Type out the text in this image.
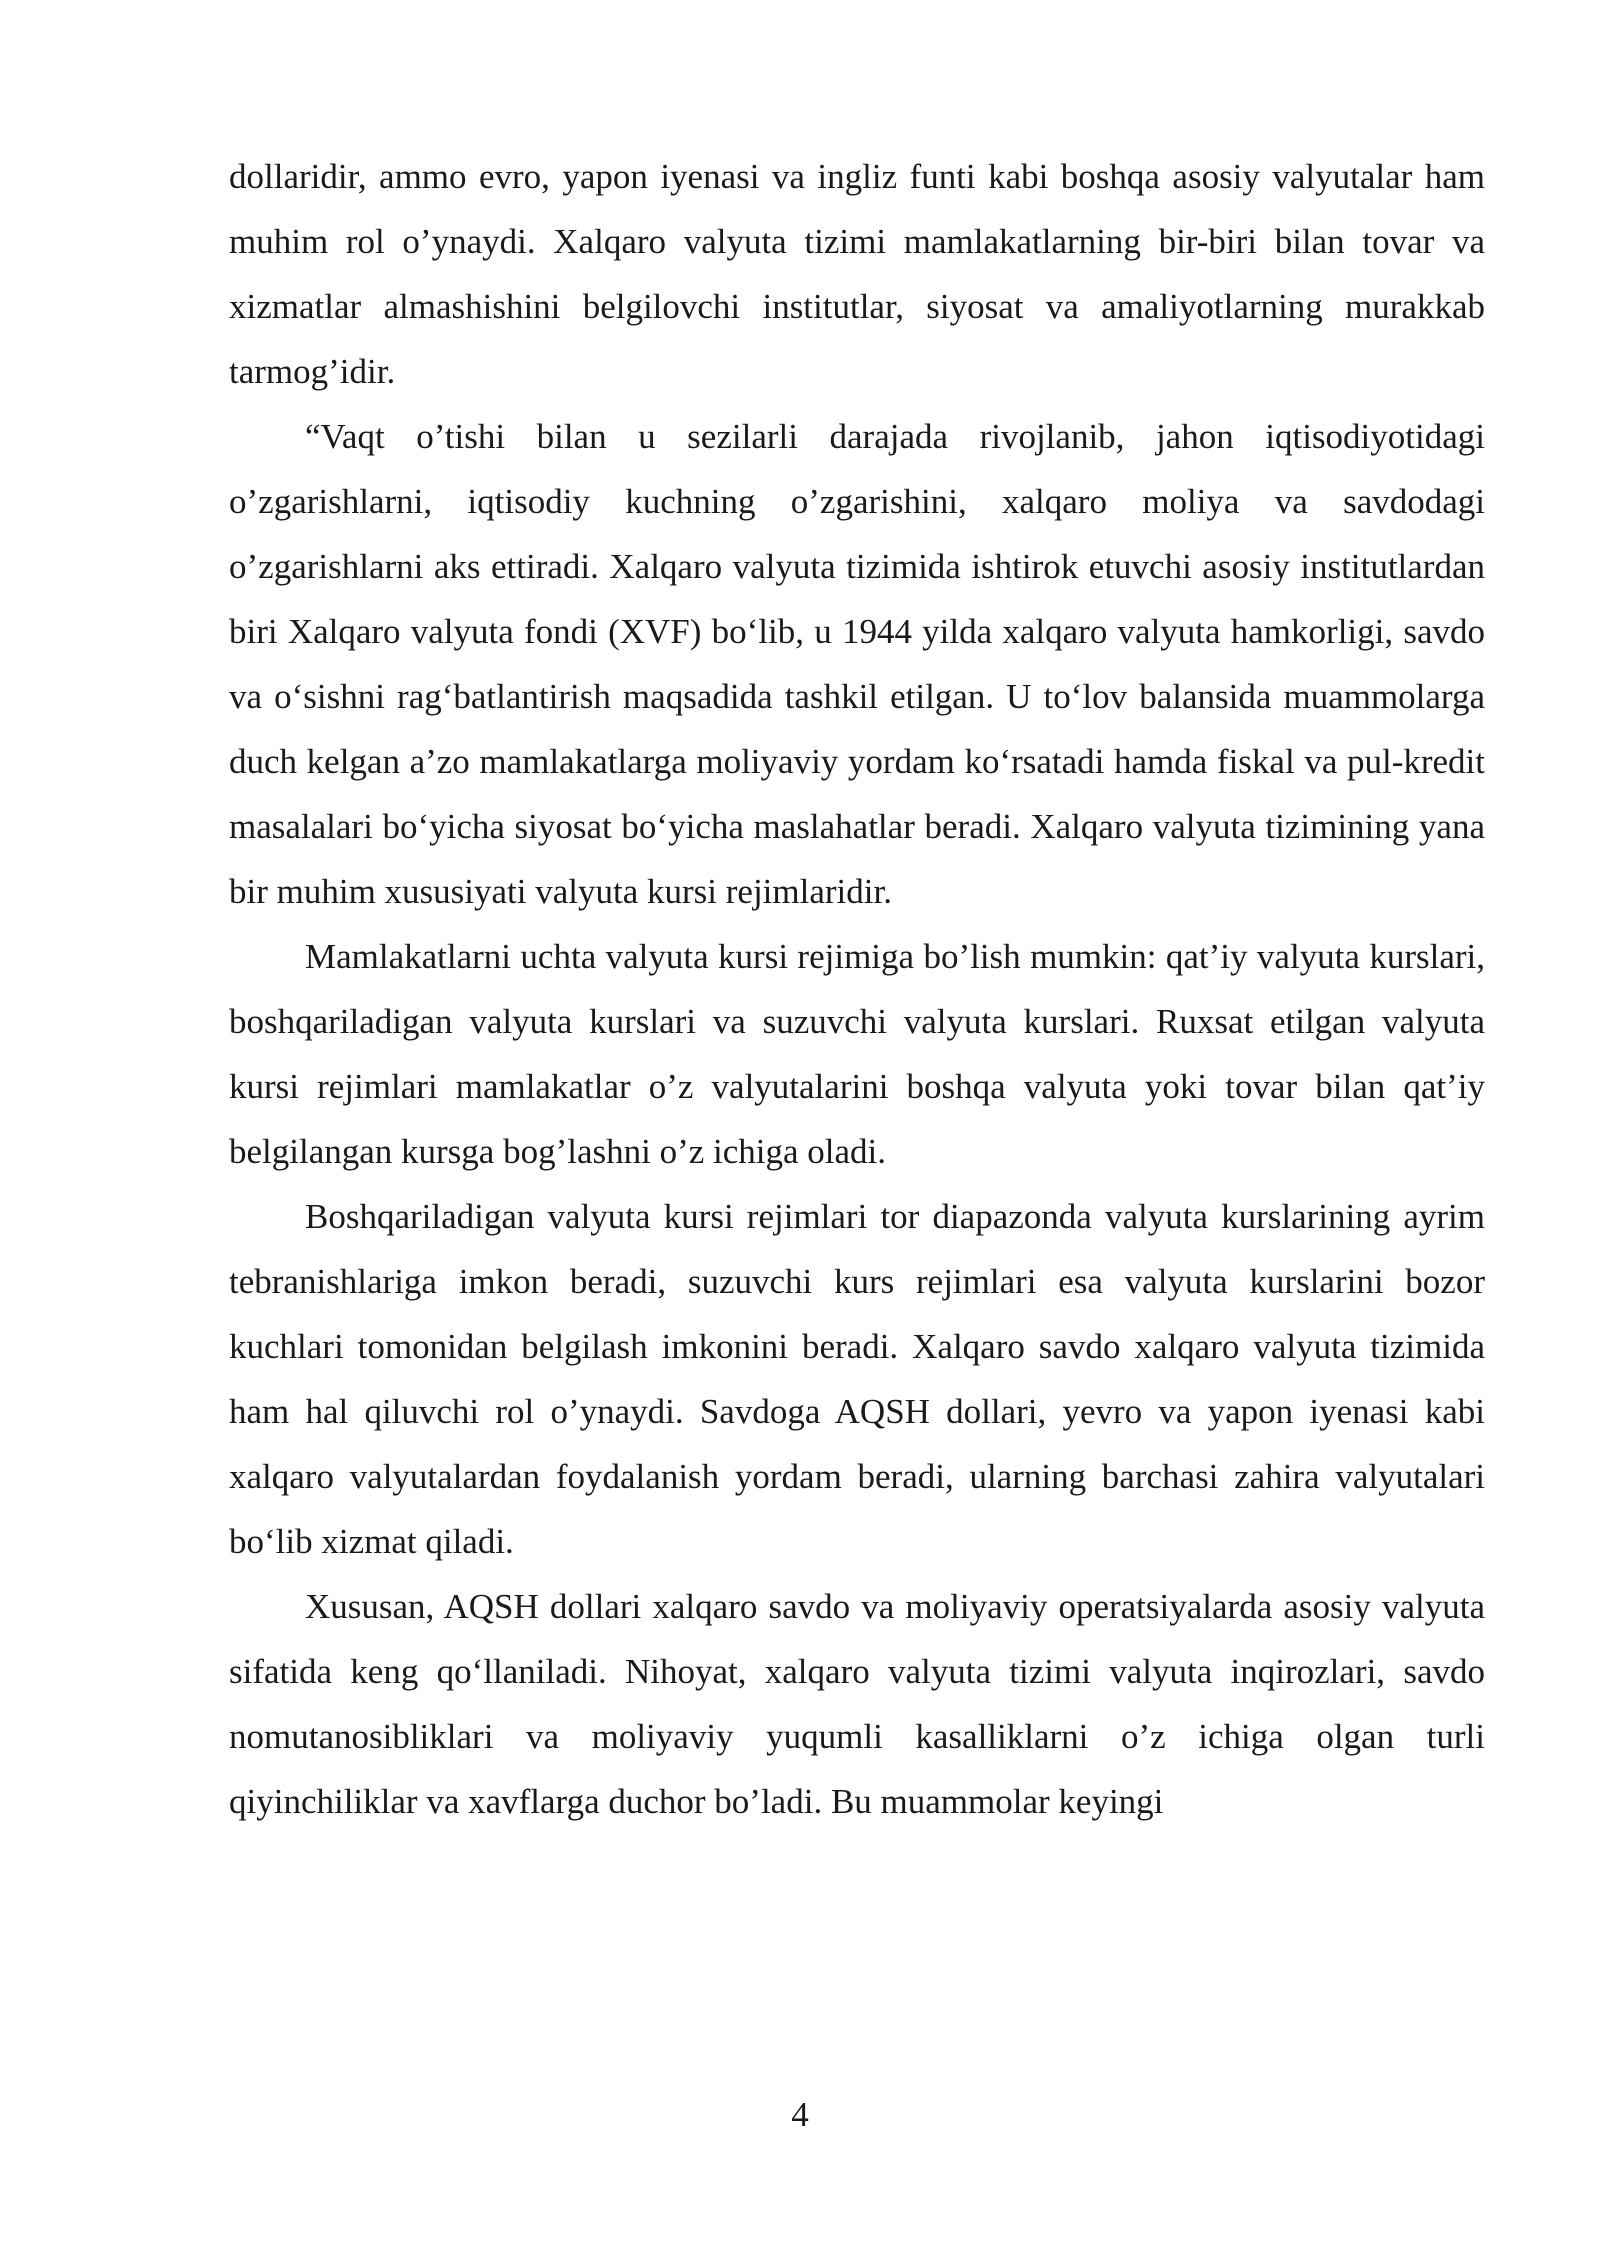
dollaridir, ammo evro, yapon iyenasi va ingliz funti kabi boshqa asosiy valyutalar ham muhim rol o’ynaydi. Xalqaro valyuta tizimi mamlakatlarning bir-biri bilan tovar va xizmatlar almashishini belgilovchi institutlar, siyosat va amaliyotlarning murakkab tarmog’idir.

“Vaqt o’tishi bilan u sezilarli darajada rivojlanib, jahon iqtisodiyotidagi o’zgarishlarni, iqtisodiy kuchning o’zgarishini, xalqaro moliya va savdodagi o’zgarishlarni aks ettiradi. Xalqaro valyuta tizimida ishtirok etuvchi asosiy institutlardan biri Xalqaro valyuta fondi (XVF) bo‘lib, u 1944 yilda xalqaro valyuta hamkorligi, savdo va o‘sishni rag‘batlantirish maqsadida tashkil etilgan. U to‘lov balansida muammolarga duch kelgan a’zo mamlakatlarga moliyaviy yordam ko‘rsatadi hamda fiskal va pul-kredit masalalari bo‘yicha siyosat bo‘yicha maslahatlar beradi. Xalqaro valyuta tizimining yana bir muhim xususiyati valyuta kursi rejimlaridir.

Mamlakatlarni uchta valyuta kursi rejimiga bo’lish mumkin: qat’iy valyuta kurslari, boshqariladigan valyuta kurslari va suzuvchi valyuta kurslari. Ruxsat etilgan valyuta kursi rejimlari mamlakatlar o’z valyutalarini boshqa valyuta yoki tovar bilan qat’iy belgilangan kursga bog’lashni o’z ichiga oladi.

Boshqariladigan valyuta kursi rejimlari tor diapazonda valyuta kurslarining ayrim tebranishlariga imkon beradi, suzuvchi kurs rejimlari esa valyuta kurslarini bozor kuchlari tomonidan belgilash imkonini beradi. Xalqaro savdo xalqaro valyuta tizimida ham hal qiluvchi rol o’ynaydi. Savdoga AQSH dollari, yevro va yapon iyenasi kabi xalqaro valyutalardan foydalanish yordam beradi, ularning barchasi zahira valyutalari bo‘lib xizmat qiladi.

Xususan, AQSH dollari xalqaro savdo va moliyaviy operatsiyalarda asosiy valyuta sifatida keng qo‘llaniladi. Nihoyat, xalqaro valyuta tizimi valyuta inqirozlari, savdo nomutanosibliklari va moliyaviy yuqumli kasalliklarni o’z ichiga olgan turli qiyinchiliklar va xavflarga duchor bo’ladi. Bu muammolar keyingi

4
